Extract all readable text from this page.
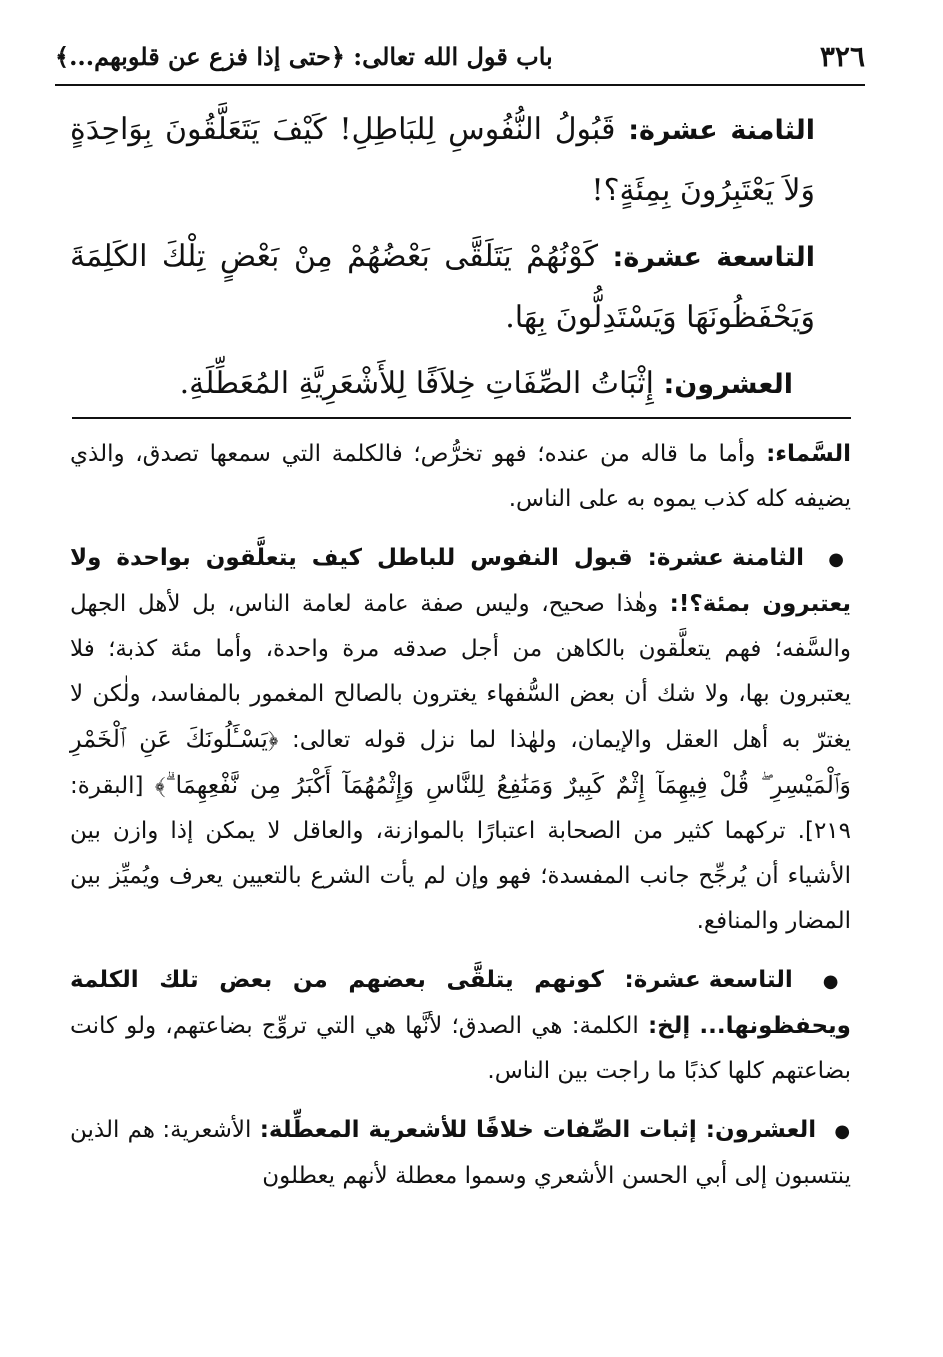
٣٢٦
باب قول الله تعالى: ﴿حتى إذا فزع عن قلوبهم...﴾

الثامنة عشرة: قَبُولُ النُّفُوسِ لِلبَاطِلِ! كَيْفَ يَتَعَلَّقُونَ بِوَاحِدَةٍ وَلاَ يَعْتَبِرُونَ بِمِئَةٍ؟!

التاسعة عشرة: كَوْنُهُمْ يَتَلَقَّى بَعْضُهُمْ مِنْ بَعْضٍ تِلْكَ الكَلِمَةَ وَيَحْفَظُونَهَا وَيَسْتَدِلُّونَ بِهَا.

العشرون: إِثْبَاتُ الصِّفَاتِ خِلاَفًا لِلأَشْعَرِيَّةِ المُعَطِّلَةِ.

السَّماء: وأما ما قاله من عنده؛ فهو تخرُّص؛ فالكلمة التي سمعها تصدق، والذي يضيفه كله كذب يموه به على الناس.

● الثامنة عشرة: قبول النفوس للباطل كيف يتعلَّقون بواحدة ولا يعتبرون بمئة؟!: وهٰذا صحيح، وليس صفة عامة لعامة الناس، بل لأهل الجهل والسَّفه؛ فهم يتعلَّقون بالكاهن من أجل صدقه مرة واحدة، وأما مئة كذبة؛ فلا يعتبرون بها، ولا شك أن بعض السُّفهاء يغترون بالصالح المغمور بالمفاسد، ولٰكن لا يغترّ به أهل العقل والإيمان، ولهٰذا لما نزل قوله تعالى: ﴿يَسْـَٔلُونَكَ عَنِ ٱلْخَمْرِ وَٱلْمَيْسِرِ ۖ قُلْ فِيهِمَآ إِثْمٌ كَبِيرٌ وَمَنَٰفِعُ لِلنَّاسِ وَإِثْمُهُمَآ أَكْبَرُ مِن نَّفْعِهِمَا ۗ﴾ [البقرة: ٢١٩]. تركهما كثير من الصحابة اعتبارًا بالموازنة، والعاقل لا يمكن إذا وازن بين الأشياء أن يُرجِّح جانب المفسدة؛ فهو وإن لم يأت الشرع بالتعيين يعرف ويُميِّز بين المضار والمنافع.

● التاسعة عشرة: كونهم يتلقَّى بعضهم من بعض تلك الكلمة ويحفظونها... إلخ: الكلمة: هي الصدق؛ لأنَّها هي التي تروِّج بضاعتهم، ولو كانت بضاعتهم كلها كذبًا ما راجت بين الناس.

● العشرون: إثبات الصِّفات خلافًا للأشعرية المعطِّلة: الأشعرية: هم الذين ينتسبون إلى أبي الحسن الأشعري وسموا معطلة لأنهم يعطلون
